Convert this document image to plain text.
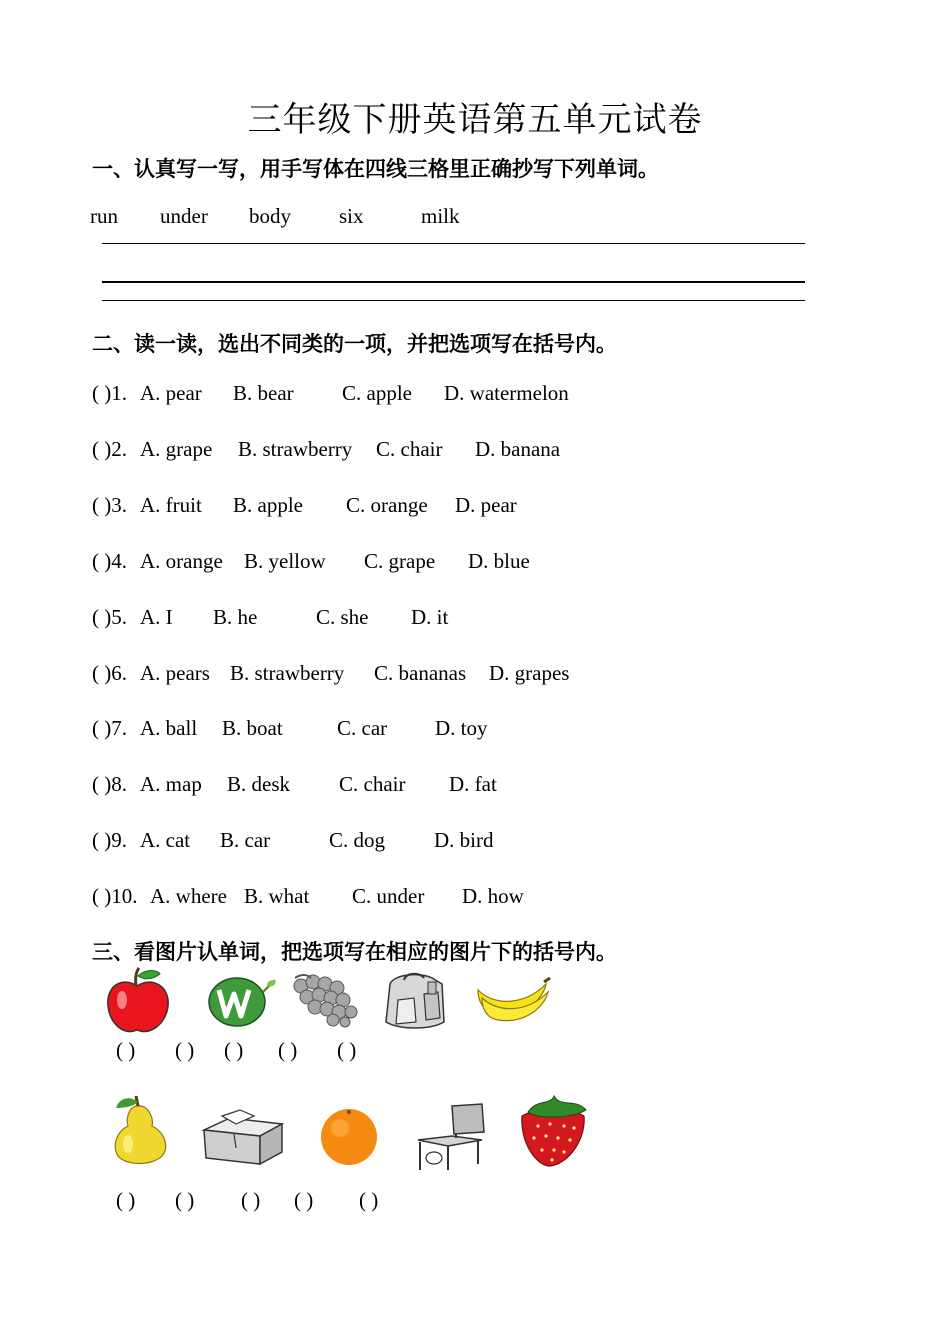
三年级下册英语第五单元试卷
一、认真写一写，用手写体在四线三格里正确抄写下列单词。
run under body six	milk
二、读一读，选出不同类的一项，并把选项写在括号内。

( )1.

A. pear

B. bear

C. apple

D. watermelon

( )2.

A. grape

B. strawberry

C. chair

D. banana

( )3.

A. fruit

B. apple

C. orange

D. pear

( )4.

A. orange

B. yellow

C. grape

D. blue

( )5.

A. I

B. he

	C. she

D. it

( )6.

A. pears

B. strawberry

C. bananas

D. grapes

( )7.

A. ball

B. boat

	C. car

D. toy

( )8.

A. map

B. desk

C. chair

D. fat

( )9.

A. cat

B. car

	C. dog

D. bird

( )10.

A. where

B. what

C. under

D. how

三、看图片认单词，把选项写在相应的图片下的括号内。
( ) ( ) ( ) ( ) ( )
( ) ( ) ( ) ( ) ( )
